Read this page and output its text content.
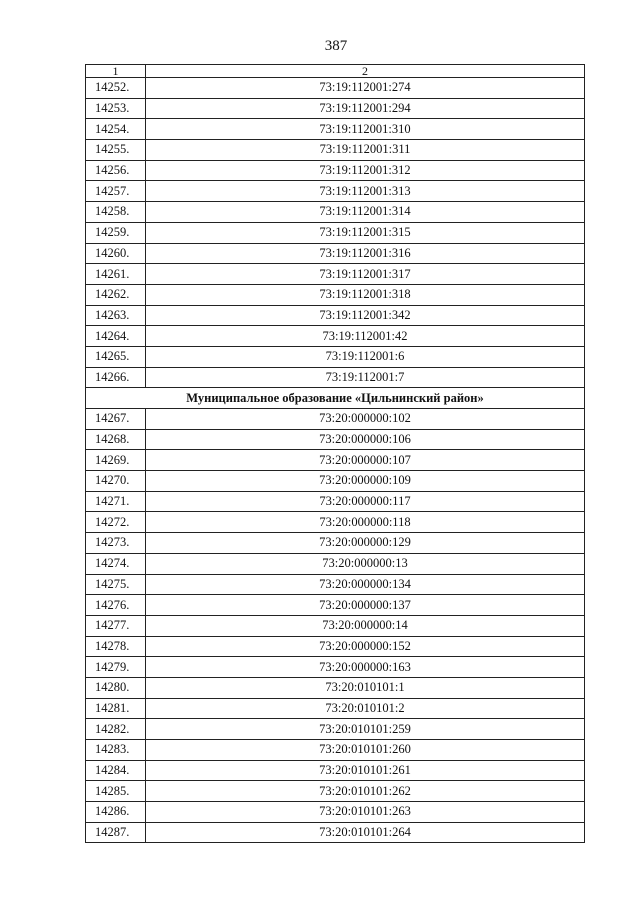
387
1	2
14252.	73:19:112001:274
14253.	73:19:112001:294
14254.	73:19:112001:310
14255.	73:19:112001:311
14256.	73:19:112001:312
14257.	73:19:112001:313
14258.	73:19:112001:314
14259.	73:19:112001:315
14260.	73:19:112001:316
14261.	73:19:112001:317
14262.	73:19:112001:318
14263.	73:19:112001:342
14264.	73:19:112001:42
14265.	73:19:112001:6
14266.	73:19:112001:7
Муниципальное образование «Цильнинский район»	
14267.	73:20:000000:102
14268.	73:20:000000:106
14269.	73:20:000000:107
14270.	73:20:000000:109
14271.	73:20:000000:117
14272.	73:20:000000:118
14273.	73:20:000000:129
14274.	73:20:000000:13
14275.	73:20:000000:134
14276.	73:20:000000:137
14277.	73:20:000000:14
14278.	73:20:000000:152
14279.	73:20:000000:163
14280.	73:20:010101:1
14281.	73:20:010101:2
14282.	73:20:010101:259
14283.	73:20:010101:260
14284.	73:20:010101:261
14285.	73:20:010101:262
14286.	73:20:010101:263
14287.	73:20:010101:264
